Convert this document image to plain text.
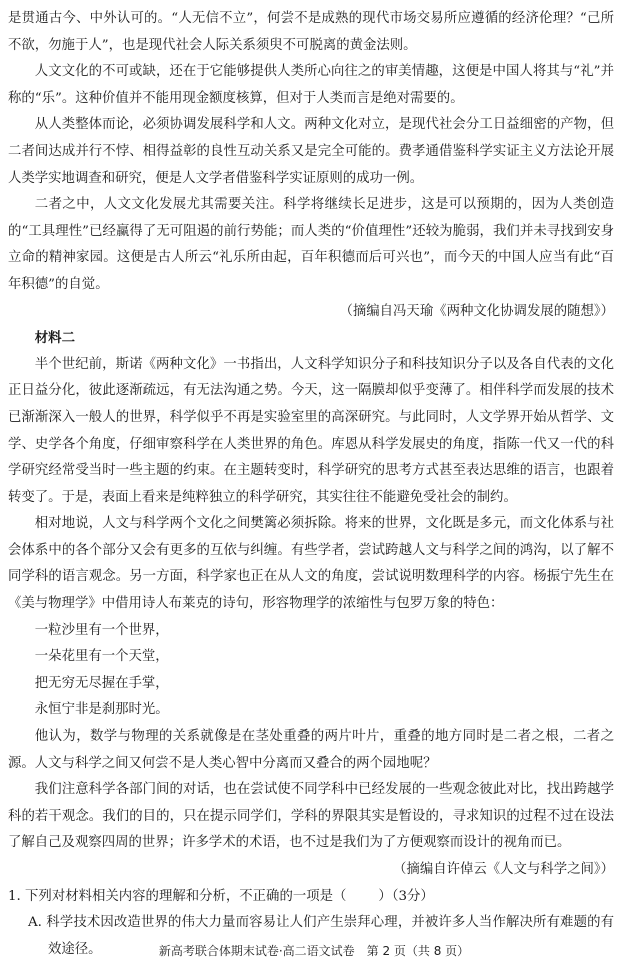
是贯通古今、中外认可的。“人无信不立”，何尝不是成熟的现代市场交易所应遵循的经济伦理？“己所不欲，勿施于人”，也是现代社会人际关系须臾不可脱离的黄金法则。

人文文化的不可或缺，还在于它能够提供人类所心向往之的审美情趣，这便是中国人将其与“礼”并称的“乐”。这种价值并不能用现金额度核算，但对于人类而言是绝对需要的。

从人类整体而论，必须协调发展科学和人文。两种文化对立，是现代社会分工日益细密的产物，但二者间达成并行不悖、相得益彰的良性互动关系又是完全可能的。费孝通借鉴科学实证主义方法论开展人类学实地调查和研究，便是人文学者借鉴科学实证原则的成功一例。

二者之中，人文文化发展尤其需要关注。科学将继续长足进步，这是可以预期的，因为人类创造的“工具理性”已经赢得了无可阻遏的前行势能；而人类的“价值理性”还较为脆弱，我们并未寻找到安身立命的精神家园。这便是古人所云“礼乐所由起，百年积德而后可兴也”，而今天的中国人应当有此“百年积德”的自觉。

（摘编自冯天瑜《两种文化协调发展的随想》）

材料二

半个世纪前，斯诺《两种文化》一书指出，人文科学知识分子和科技知识分子以及各自代表的文化正日益分化，彼此逐渐疏远，有无法沟通之势。今天，这一隔膜却似乎变薄了。相伴科学而发展的技术已渐渐深入一般人的世界，科学似乎不再是实验室里的高深研究。与此同时，人文学界开始从哲学、文学、史学各个角度，仔细审察科学在人类世界的角色。库恩从科学发展史的角度，指陈一代又一代的科学研究经常受当时一些主题的约束。在主题转变时，科学研究的思考方式甚至表达思维的语言，也跟着转变了。于是，表面上看来是纯粹独立的科学研究，其实往往不能避免受社会的制约。

相对地说，人文与科学两个文化之间樊篱必须拆除。将来的世界，文化既是多元，而文化体系与社会体系中的各个部分又会有更多的互依与纠缠。有些学者，尝试跨越人文与科学之间的鸿沟，以了解不同学科的语言观念。另一方面，科学家也正在从人文的角度，尝试说明数理科学的内容。杨振宁先生在《美与物理学》中借用诗人布莱克的诗句，形容物理学的浓缩性与包罗万象的特色：

一粒沙里有一个世界，

一朵花里有一个天堂，

把无穷无尽握在手掌，

永恒宁非是刹那时光。

他认为，数学与物理的关系就像是在茎处重叠的两片叶片，重叠的地方同时是二者之根，二者之源。人文与科学之间又何尝不是人类心智中分离而又叠合的两个园地呢？

我们注意科学各部门间的对话，也在尝试使不同学科中已经发展的一些观念彼此对比，找出跨越学科的若干观念。我们的目的，只在提示同学们，学科的界限其实是暂设的，寻求知识的过程不过在设法了解自己及观察四周的世界；许多学术的术语，也不过是我们为了方便观察而设计的视角而已。

（摘编自许倬云《人文与科学之间》）

1. 下列对材料相关内容的理解和分析，不正确的一项是（ ）（3分）

A. 科学技术因改造世界的伟大力量而容易让人们产生崇拜心理，并被许多人当作解决所有难题的有效途径。	新高考联合体期末试卷·高二语文试卷　第 2 页（共 8 页）
